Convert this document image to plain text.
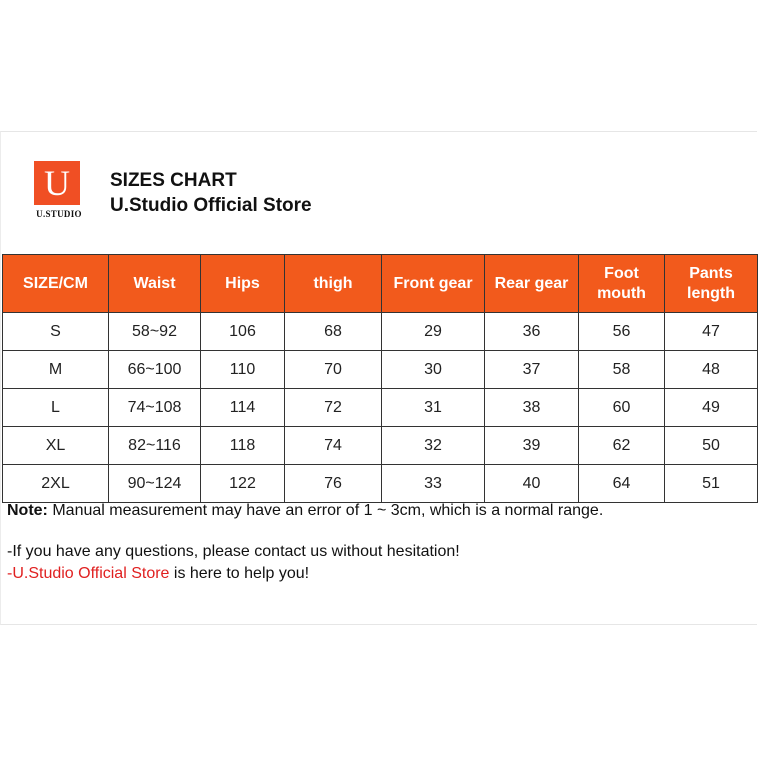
U
U.STUDIO
SIZES CHART
U.Studio Official Store
SIZE/CM	Waist	Hips	thigh	Front gear	Rear gear	Foot mouth	Pants length
S	58~92	106	68	29	36	56	47
M	66~100	110	70	30	37	58	48
L	74~108	114	72	31	38	60	49
XL	82~116	118	74	32	39	62	50
2XL	90~124	122	76	33	40	64	51
Note: Manual measurement may have an error of 1 ~ 3cm, which is a normal range.
-If you have any questions, please contact us without hesitation!
-U.Studio Official Store is here to help you!
